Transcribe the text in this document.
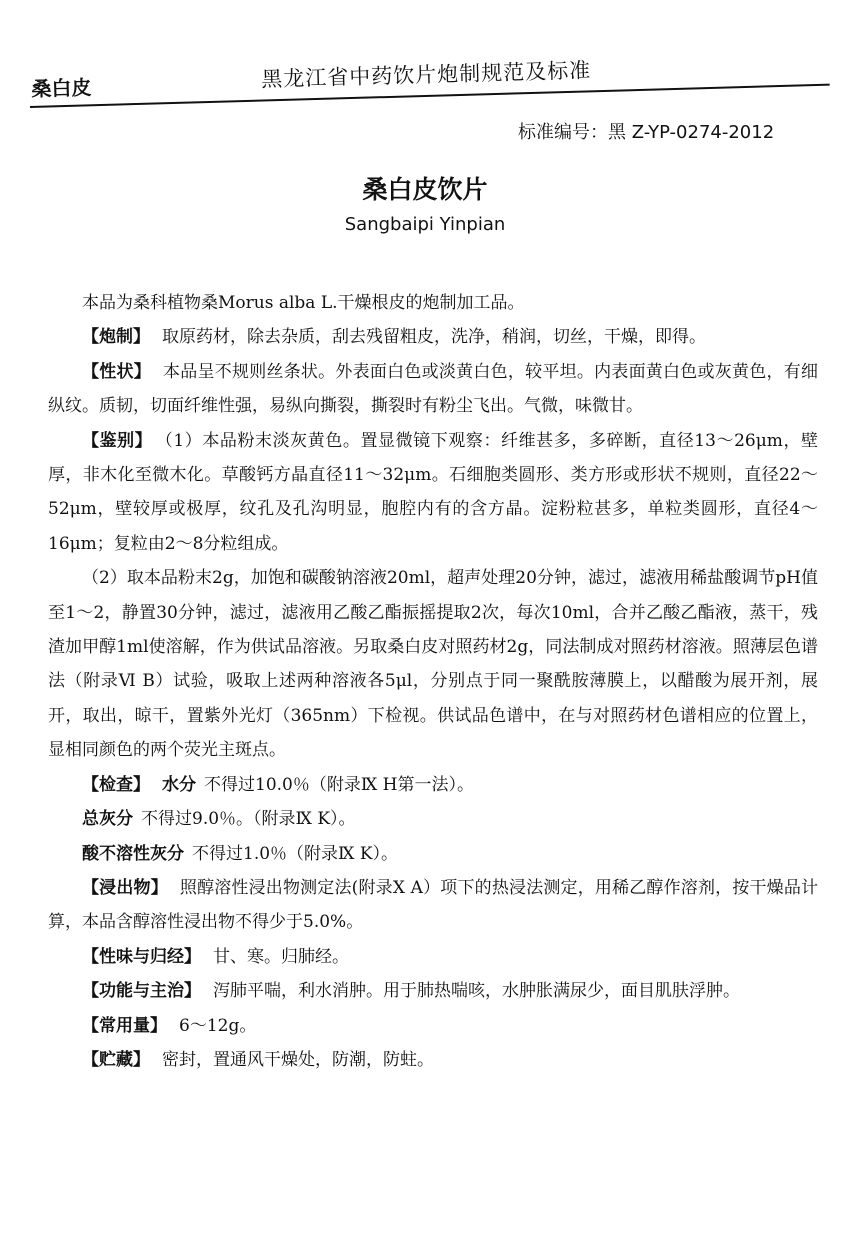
桑白皮	黑龙江省中药饮片炮制规范及标准
标准编号：黑 Z-YP-0274-2012
桑白皮饮片
Sangbaipi Yinpian

本品为桑科植物桑Morus alba L.干燥根皮的炮制加工品。

【炮制】 取原药材，除去杂质，刮去残留粗皮，洗净，稍润，切丝，干燥，即得。

【性状】 本品呈不规则丝条状。外表面白色或淡黄白色，较平坦。内表面黄白色或灰黄色，有细纵纹。质韧，切面纤维性强，易纵向撕裂，撕裂时有粉尘飞出。气微，味微甘。

【鉴别】 （1）本品粉末淡灰黄色。置显微镜下观察：纤维甚多，多碎断，直径13～26μm，壁厚，非木化至微木化。草酸钙方晶直径11～32μm。石细胞类圆形、类方形或形状不规则，直径22～52μm，壁较厚或极厚，纹孔及孔沟明显，胞腔内有的含方晶。淀粉粒甚多，单粒类圆形，直径4～16μm；复粒由2～8分粒组成。

（2）取本品粉末2g，加饱和碳酸钠溶液20ml，超声处理20分钟，滤过，滤液用稀盐酸调节pH值至1～2，静置30分钟，滤过，滤液用乙酸乙酯振摇提取2次，每次10ml，合并乙酸乙酯液，蒸干，残渣加甲醇1ml使溶解，作为供试品溶液。另取桑白皮对照药材2g，同法制成对照药材溶液。照薄层色谱法（附录Ⅵ B）试验，吸取上述两种溶液各5μl，分别点于同一聚酰胺薄膜上，以醋酸为展开剂，展开，取出，晾干，置紫外光灯（365nm）下检视。供试品色谱中，在与对照药材色谱相应的位置上，显相同颜色的两个荧光主斑点。

【检查】 水分 不得过10.0％（附录Ⅸ H第一法）。

总灰分 不得过9.0％。（附录Ⅸ K）。

酸不溶性灰分 不得过1.0％（附录Ⅸ K）。

【浸出物】 照醇溶性浸出物测定法(附录Ⅹ A）项下的热浸法测定，用稀乙醇作溶剂，按干燥品计算，本品含醇溶性浸出物不得少于5.0%。

【性味与归经】 甘、寒。归肺经。

【功能与主治】 泻肺平喘，利水消肿。用于肺热喘咳，水肿胀满尿少，面目肌肤浮肿。

【常用量】 6～12g。

【贮藏】 密封，置通风干燥处，防潮，防蛀。
